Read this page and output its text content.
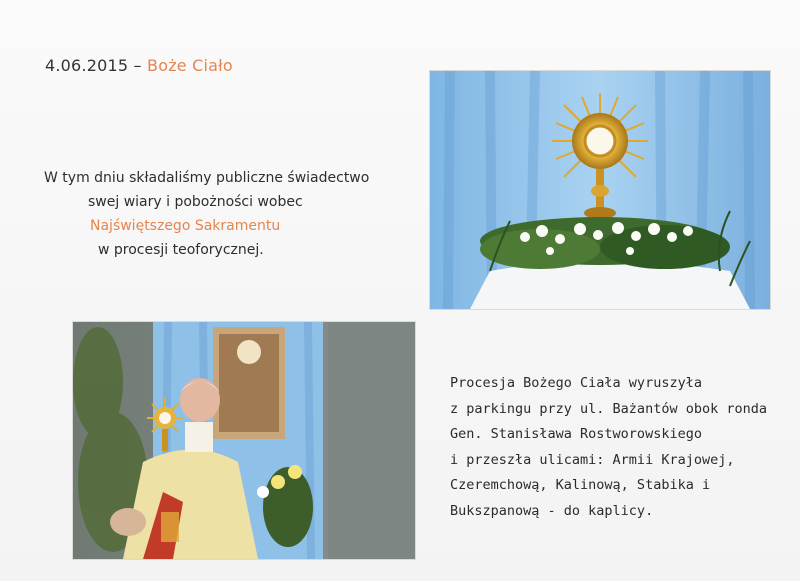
4.06.2015 – Boże Ciało
W tym dniu składaliśmy publiczne świadectwo
swej wiary i pobożności wobec
Najświętszego Sakramentu
w procesji teoforycznej.
Procesja Bożego Ciała wyruszyła
z parkingu przy ul. Bażantów obok ronda
Gen. Stanisława Rostworowskiego
i przeszła ulicami: Armii Krajowej,
Czeremchową, Kalinową, Stabika i
Bukszpanową - do kaplicy.
